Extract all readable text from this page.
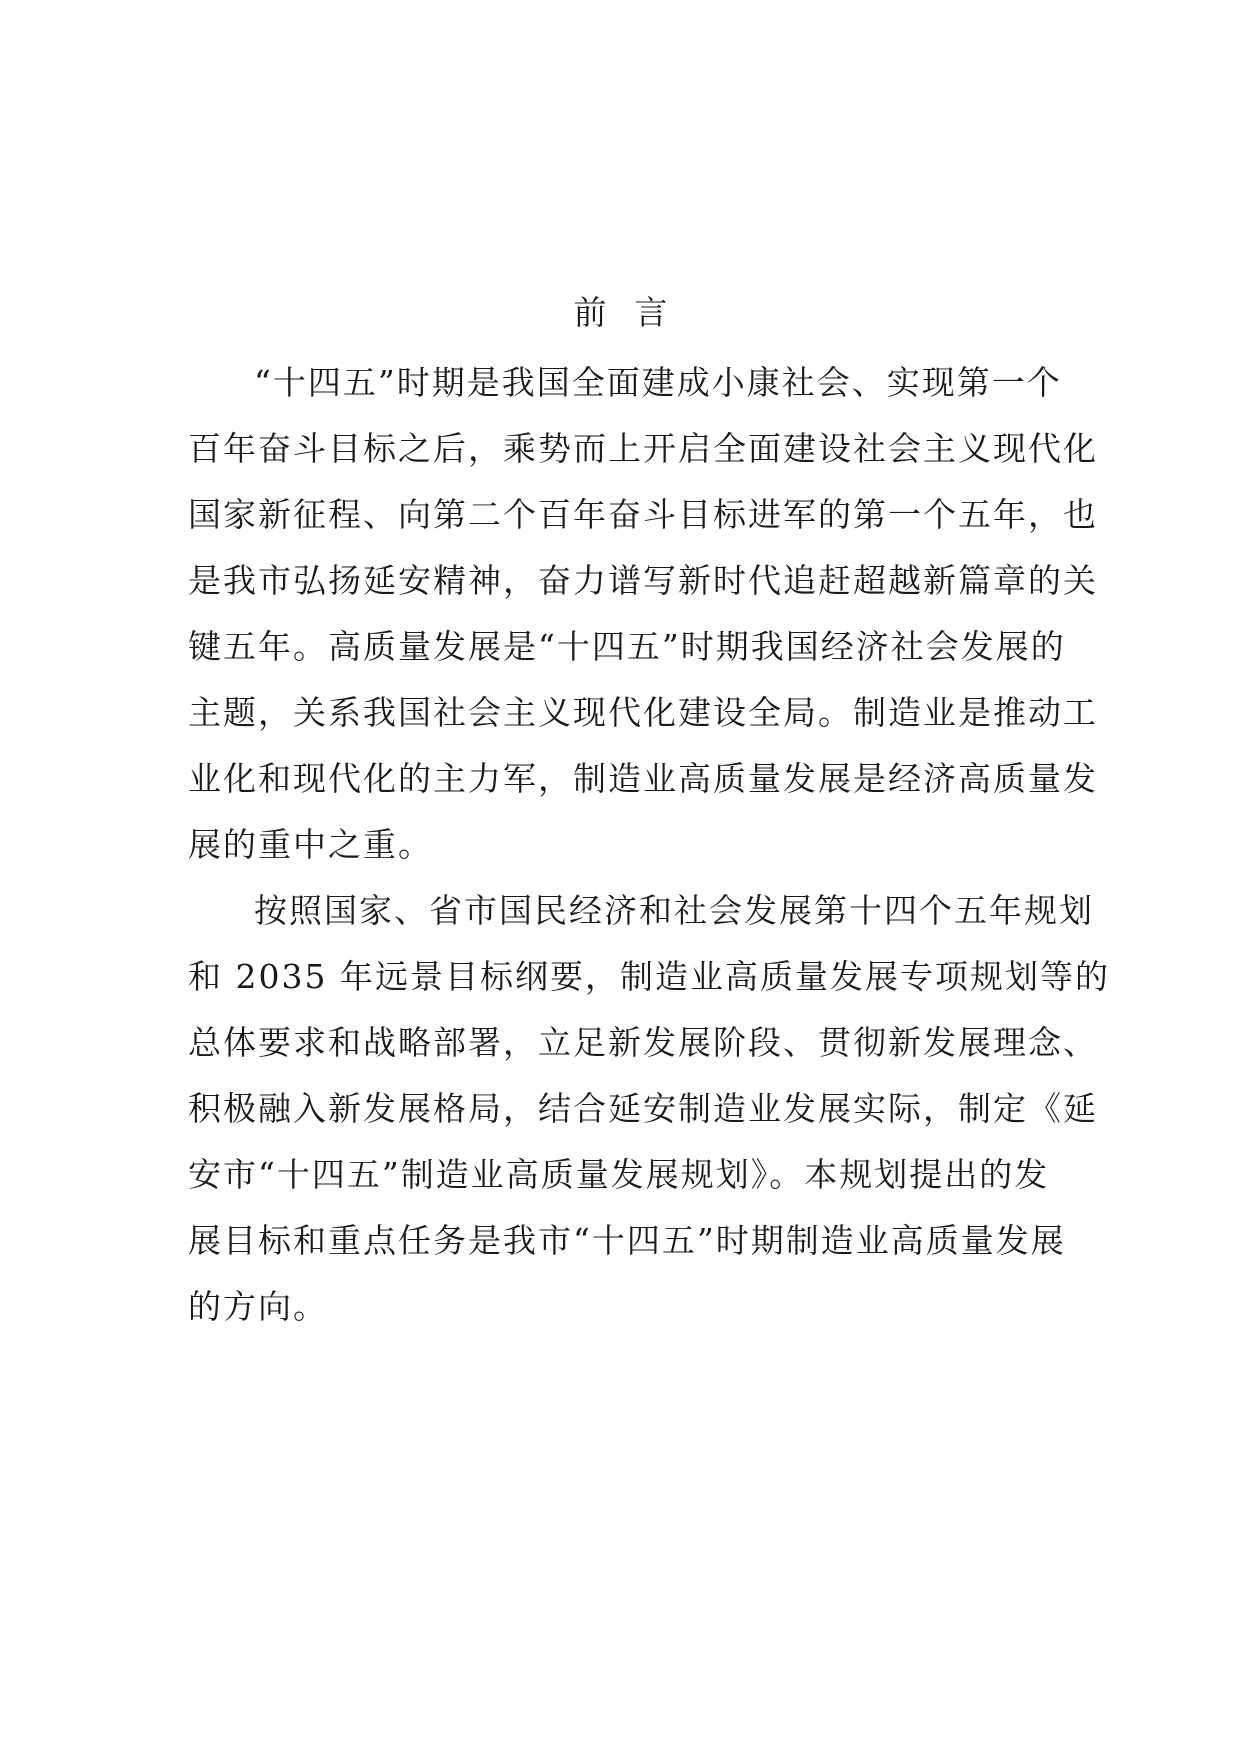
前言
“十四五”时期是我国全面建成小康社会、实现第一个
百年奋斗目标之后，乘势而上开启全面建设社会主义现代化
国家新征程、向第二个百年奋斗目标进军的第一个五年，也
是我市弘扬延安精神，奋力谱写新时代追赶超越新篇章的关
键五年。高质量发展是“十四五”时期我国经济社会发展的
主题，关系我国社会主义现代化建设全局。制造业是推动工
业化和现代化的主力军，制造业高质量发展是经济高质量发
展的重中之重。
按照国家、省市国民经济和社会发展第十四个五年规划
和 2035 年远景目标纲要，制造业高质量发展专项规划等的
总体要求和战略部署，立足新发展阶段、贯彻新发展理念、
积极融入新发展格局，结合延安制造业发展实际，制定《延
安市“十四五”制造业高质量发展规划》。本规划提出的发
展目标和重点任务是我市“十四五”时期制造业高质量发展
的方向。
